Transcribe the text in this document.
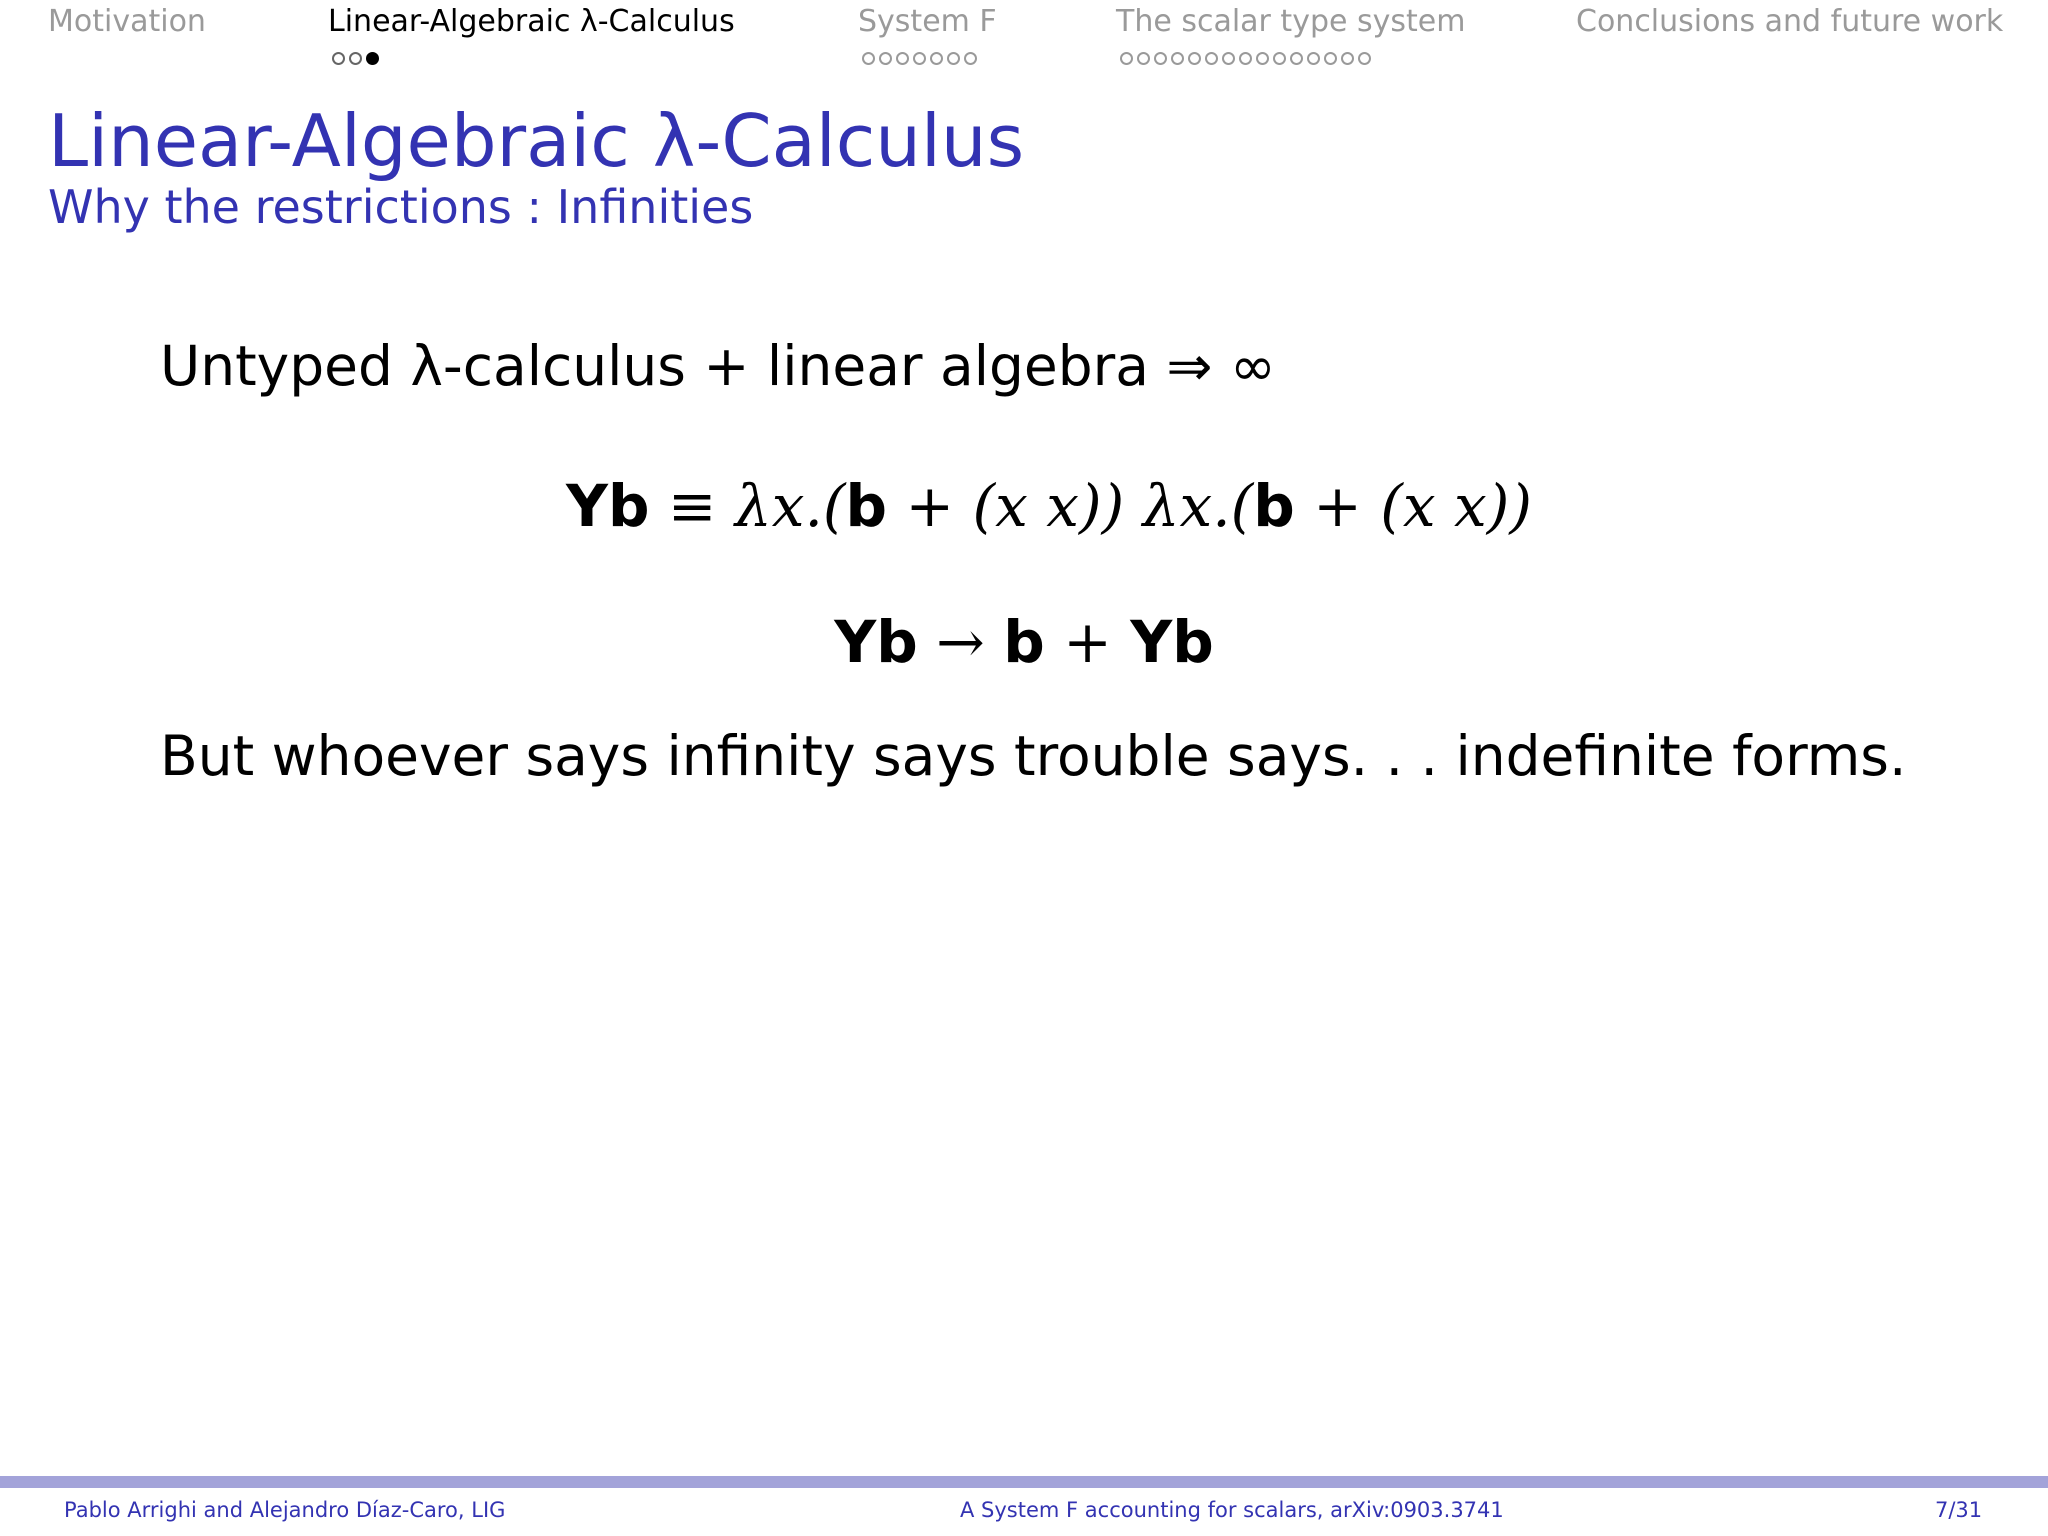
Motivation	Linear-Algebraic λ-Calculus	System F	The scalar type system	Conclusions and future work
Linear-Algebraic λ-Calculus
Why the restrictions : Infinities
Untyped λ-calculus + linear algebra ⇒ ∞
Yb ≡ λx.(b + (x x)) λx.(b + (x x))
Yb → b + Yb
But whoever says infinity says trouble says. . . indefinite forms.
Pablo Arrighi and Alejandro Díaz-Caro, LIG	A System F accounting for scalars, arXiv:0903.3741	7/31
